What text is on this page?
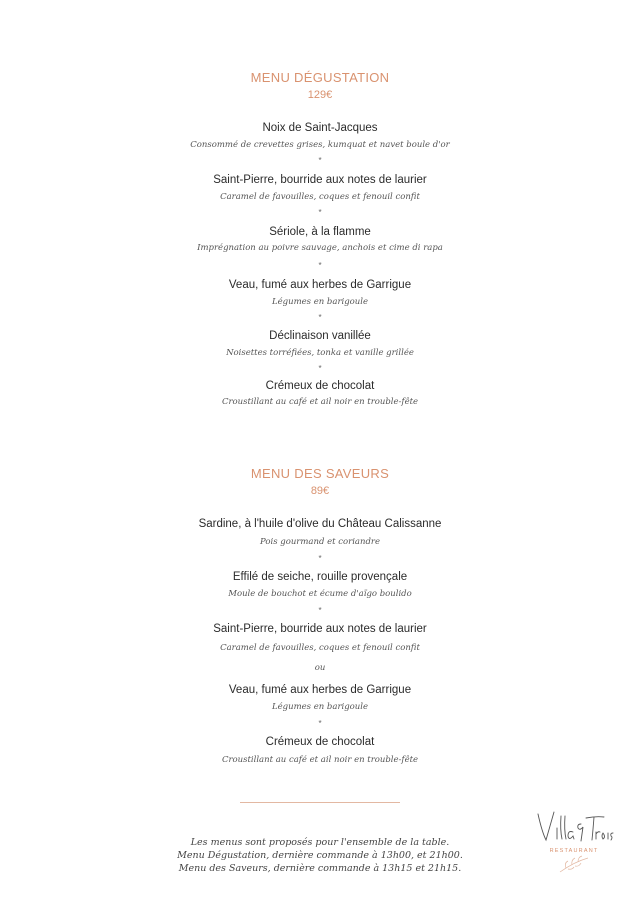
MENU DÉGUSTATION
129€
Noix de Saint-Jacques
Consommé de crevettes grises, kumquat et navet boule d'or
*
Saint-Pierre, bourride aux notes de laurier
Caramel de favouilles, coques et fenouil confit
*
Sériole, à la flamme
Imprégnation au poivre sauvage, anchois et cime di rapa
*
Veau, fumé aux herbes de Garrigue
Légumes en barigoule
*
Déclinaison vanillée
Noisettes torréfiées, tonka et vanille grillée
*
Crémeux de chocolat
Croustillant au café et ail noir en trouble-fête
MENU DES SAVEURS
89€
Sardine, à l'huile d'olive du Château Calissanne
Pois gourmand et coriandre
*
Effilé de seiche, rouille provençale
Moule de bouchot et écume d'aïgo boulido
*
Saint-Pierre, bourride aux notes de laurier
Caramel de favouilles, coques et fenouil confit
ou
Veau, fumé aux herbes de Garrigue
Légumes en barigoule
*
Crémeux de chocolat
Croustillant au café et ail noir en trouble-fête
Les menus sont proposés pour l'ensemble de la table.
Menu Dégustation, dernière commande à 13h00, et 21h00.
Menu des Saveurs, dernière commande à 13h15 et 21h15.
RESTAURANT
